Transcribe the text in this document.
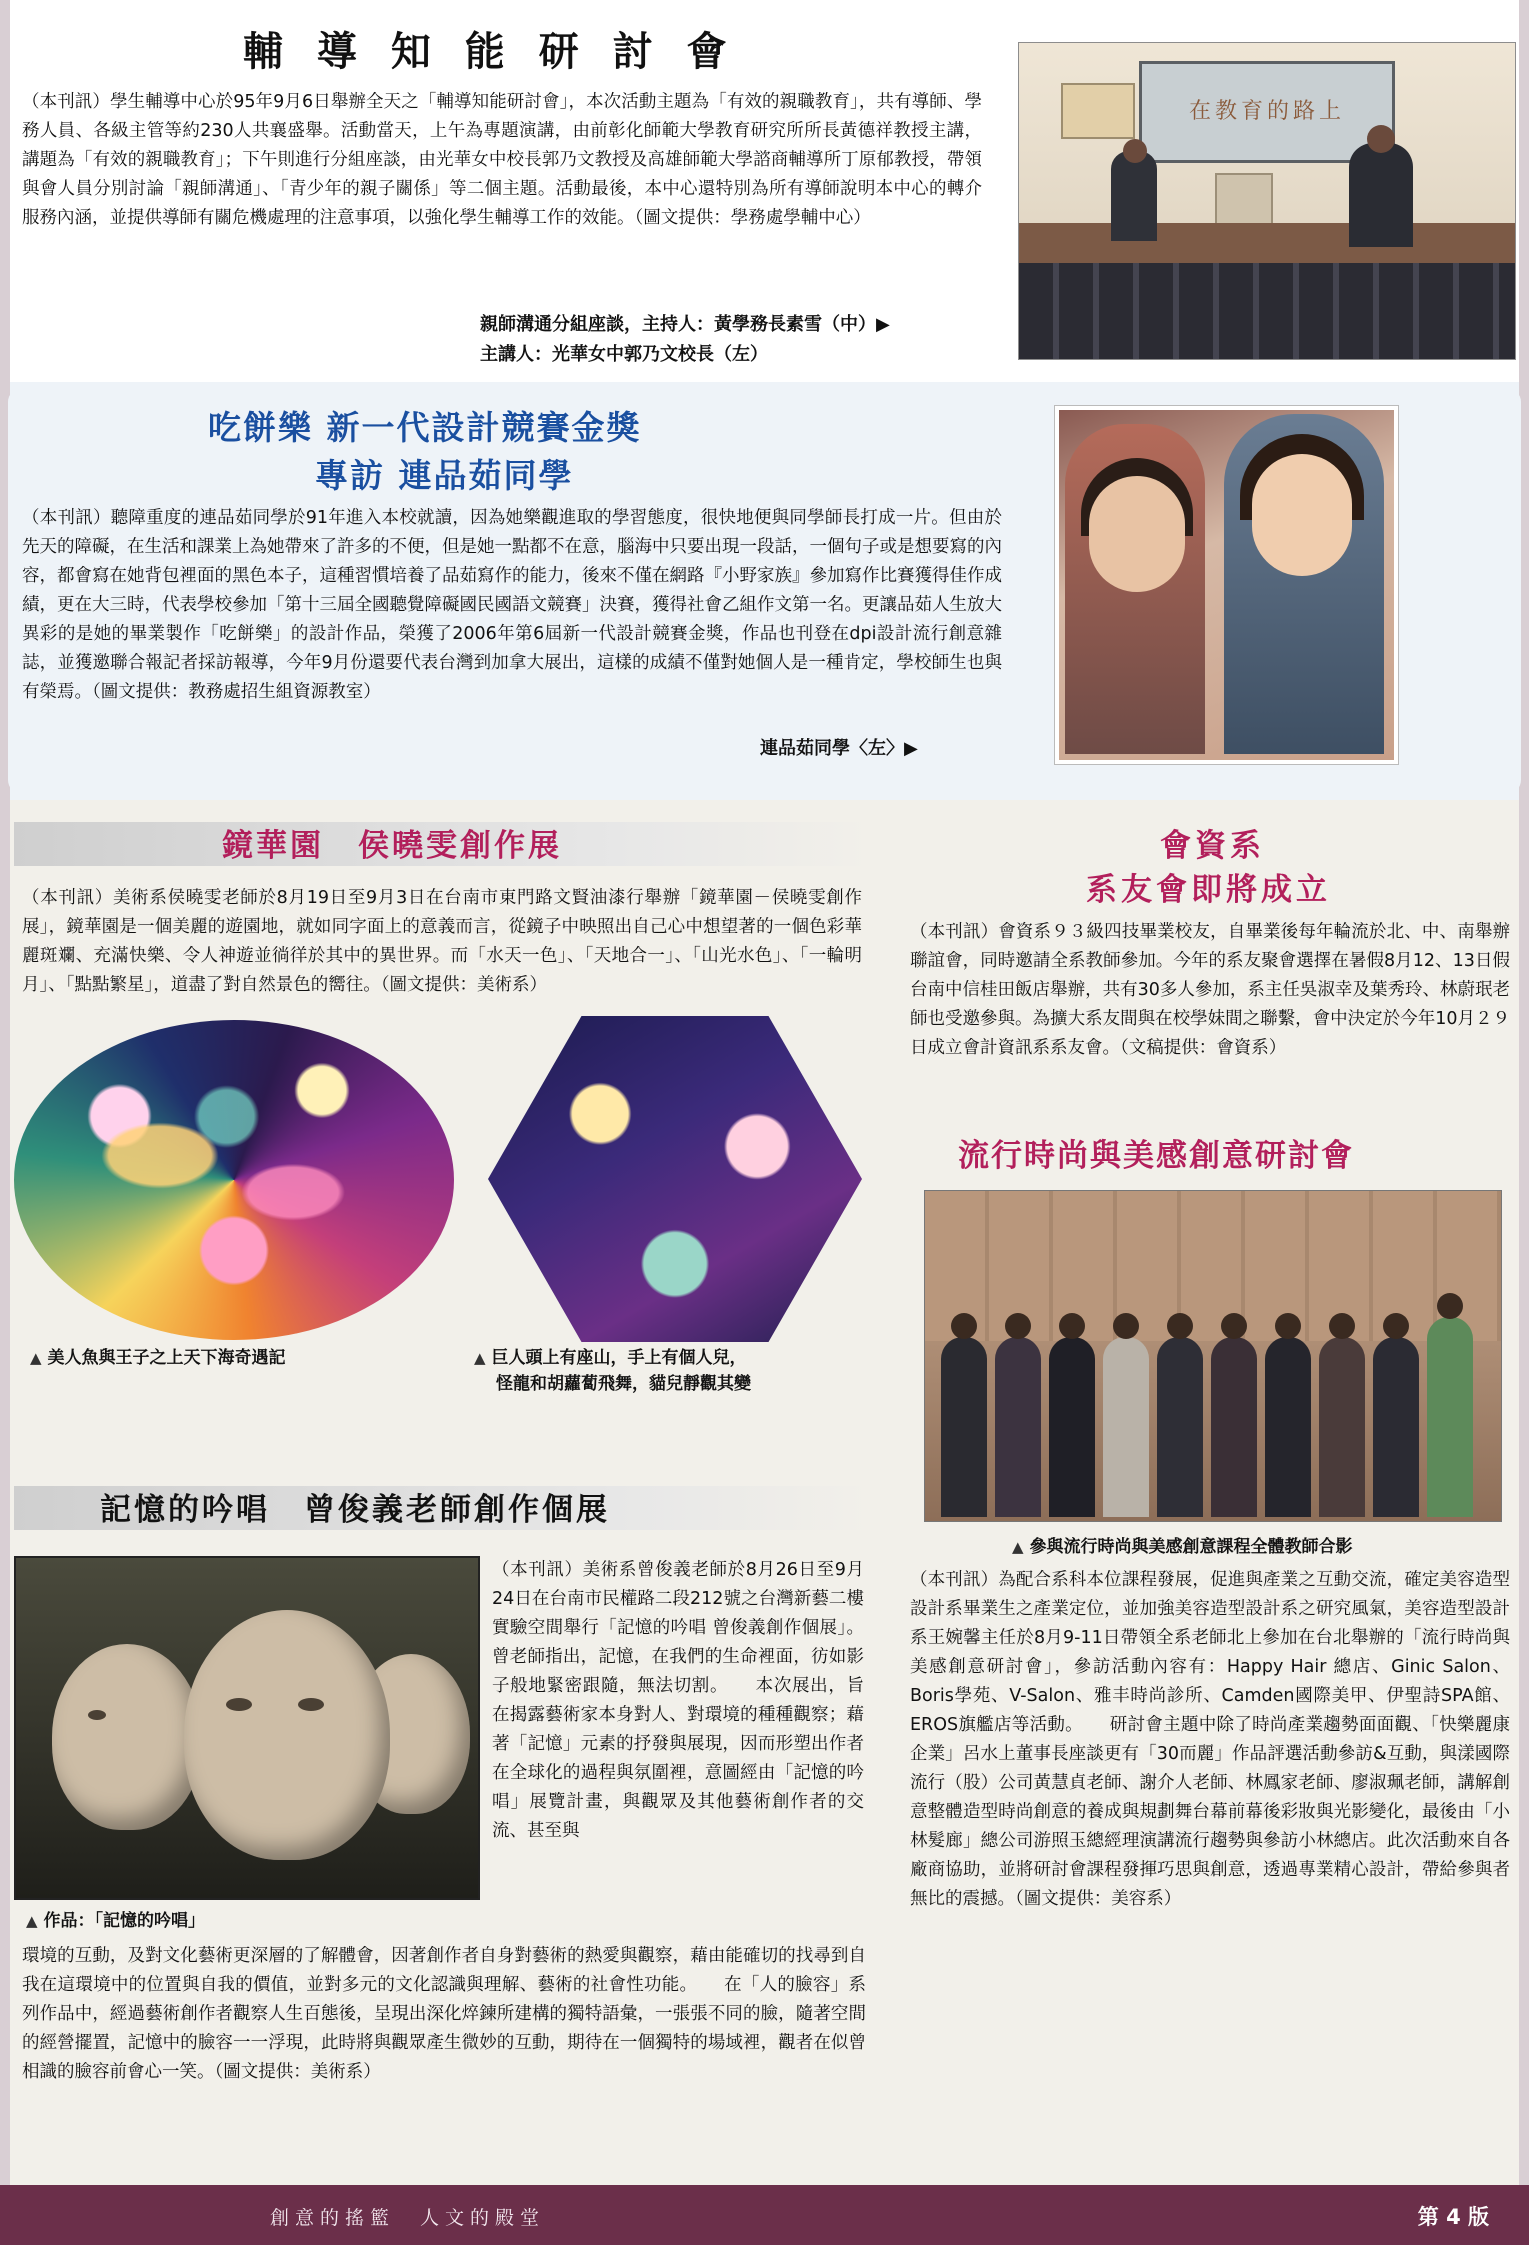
輔 導 知 能 研 討 會

（本刊訊）學生輔導中心於95年9月6日舉辦全天之「輔導知能研討會」，本次活動主題為「有效的親職教育」，共有導師、學務人員、各級主管等約230人共襄盛舉。活動當天，上午為專題演講，由前彰化師範大學教育研究所所長黃德祥教授主講，講題為「有效的親職教育」；下午則進行分組座談，由光華女中校長郭乃文教授及高雄師範大學諮商輔導所丁原郁教授，帶領與會人員分別討論「親師溝通」、「青少年的親子關係」等二個主題。活動最後，本中心還特別為所有導師說明本中心的轉介服務內涵，並提供導師有關危機處理的注意事項，以強化學生輔導工作的效能。（圖文提供：學務處學輔中心）

親師溝通分組座談，主持人：黃學務長素雪（中）▶
主講人：光華女中郭乃文校長（左）
在教育的路上
吃餅樂 新一代設計競賽金獎
專訪 連品茹同學

（本刊訊）聽障重度的連品茹同學於91年進入本校就讀，因為她樂觀進取的學習態度，很快地便與同學師長打成一片。但由於先天的障礙，在生活和課業上為她帶來了許多的不便，但是她一點都不在意，腦海中只要出現一段話，一個句子或是想要寫的內容，都會寫在她背包裡面的黑色本子，這種習慣培養了品茹寫作的能力，後來不僅在網路『小野家族』參加寫作比賽獲得佳作成績，更在大三時，代表學校參加「第十三屆全國聽覺障礙國民國語文競賽」決賽，獲得社會乙組作文第一名。更讓品茹人生放大異彩的是她的畢業製作「吃餅樂」的設計作品，榮獲了2006年第6屆新一代設計競賽金獎，作品也刊登在dpi設計流行創意雜誌，並獲邀聯合報記者採訪報導，今年9月份還要代表台灣到加拿大展出，這樣的成績不僅對她個人是一種肯定，學校師生也與有榮焉。（圖文提供：教務處招生組資源教室）

連品茹同學〈左〉▶
鏡華園　侯曉雯創作展

（本刊訊）美術系侯曉雯老師於8月19日至9月3日在台南市東門路文賢油漆行舉辦「鏡華園－侯曉雯創作展」，鏡華園是一個美麗的遊園地，就如同字面上的意義而言，從鏡子中映照出自己心中想望著的一個色彩華麗斑斕、充滿快樂、令人神遊並徜徉於其中的異世界。而「水天一色」、「天地合一」、「山光水色」、「一輪明月」、「點點繁星」，道盡了對自然景色的嚮往。（圖文提供：美術系）

▲ 美人魚與王子之上天下海奇遇記	▲ 巨人頭上有座山，手上有個人兒，
怪龍和胡蘿蔔飛舞，貓兒靜觀其變
記憶的吟唱　曾俊義老師創作個展

（本刊訊）美術系曾俊義老師於8月26日至9月24日在台南市民權路二段212號之台灣新藝二樓實驗空間舉行「記憶的吟唱 曾俊義創作個展」。曾老師指出，記憶，在我們的生命裡面，彷如影子般地緊密跟隨，無法切割。　　本次展出，旨在揭露藝術家本身對人、對環境的種種觀察；藉著「記憶」元素的抒發與展現，因而形塑出作者在全球化的過程與氛圍裡，意圖經由「記憶的吟唱」展覽計畫，與觀眾及其他藝術創作者的交流、甚至與

▲ 作品：「記憶的吟唱」

環境的互動，及對文化藝術更深層的了解體會，因著創作者自身對藝術的熱愛與觀察，藉由能確切的找尋到自我在這環境中的位置與自我的價值，並對多元的文化認識與理解、藝術的社會性功能。　　在「人的臉容」系列作品中，經過藝術創作者觀察人生百態後，呈現出深化焠鍊所建構的獨特語彙，一張張不同的臉，隨著空間的經營擺置，記憶中的臉容一一浮現，此時將與觀眾產生微妙的互動，期待在一個獨特的場域裡，觀者在似曾相識的臉容前會心一笑。（圖文提供：美術系）

會資系
系友會即將成立

（本刊訊）會資系９３級四技畢業校友，自畢業後每年輪流於北、中、南舉辦聯誼會，同時邀請全系教師參加。今年的系友聚會選擇在暑假8月12、13日假台南中信桂田飯店舉辦，共有30多人參加，系主任吳淑幸及葉秀玲、林蔚珉老師也受邀參與。為擴大系友間與在校學妹間之聯繫，會中決定於今年10月２９日成立會計資訊系系友會。（文稿提供：會資系）

流行時尚與美感創意研討會
▲ 參與流行時尚與美感創意課程全體教師合影

（本刊訊）為配合系科本位課程發展，促進與產業之互動交流，確定美容造型設計系畢業生之產業定位，並加強美容造型設計系之研究風氣，美容造型設計系王婉馨主任於8月9-11日帶領全系老師北上參加在台北舉辦的「流行時尚與美感創意研討會」，參訪活動內容有：Happy Hair 總店、Ginic Salon、Boris學苑、V-Salon、雅丰時尚診所、Camden國際美甲、伊聖詩SPA館、EROS旗艦店等活動。　　研討會主題中除了時尚產業趨勢面面觀、「快樂麗康企業」呂水上董事長座談更有「30而麗」作品評選活動參訪&互動，與漾國際流行（股）公司黃慧貞老師、謝介人老師、林鳳家老師、廖淑珮老師，講解創意整體造型時尚創意的養成與規劃舞台幕前幕後彩妝與光影變化，最後由「小林髮廊」總公司游照玉總經理演講流行趨勢與參訪小林總店。此次活動來自各廠商協助，並將研討會課程發揮巧思與創意，透過專業精心設計，帶給參與者無比的震撼。（圖文提供：美容系）

創意的搖籃　人文的殿堂	第 4 版
